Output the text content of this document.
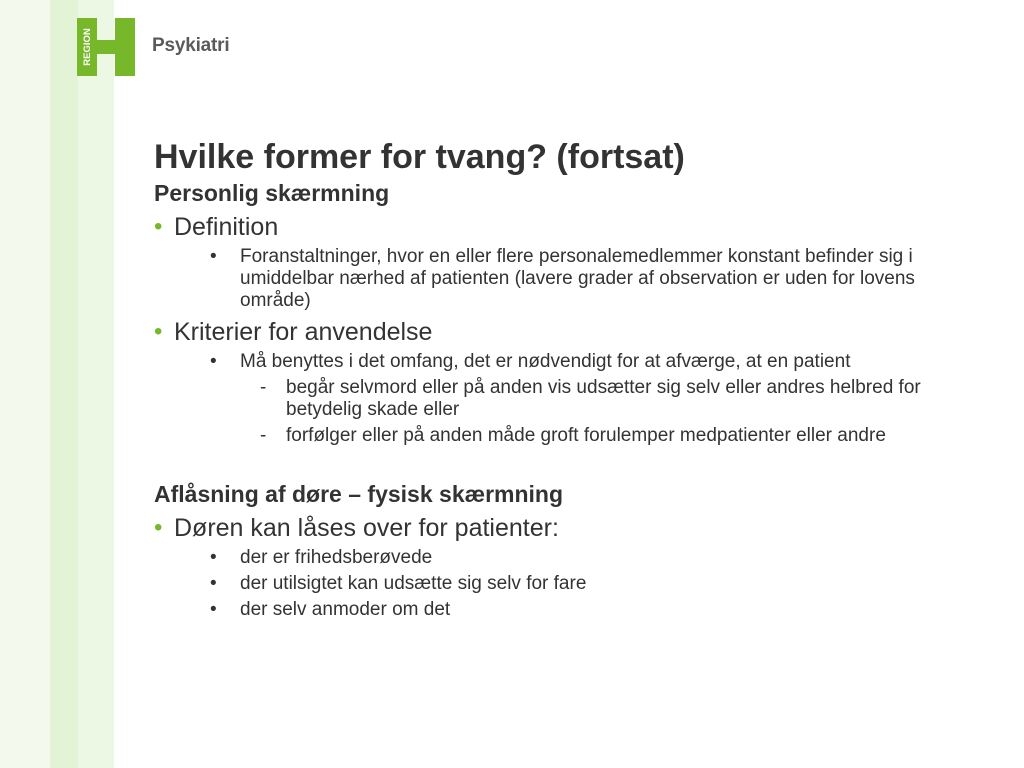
REGION	Psykiatri
Hvilke former for tvang? (fortsat)
Personlig skærmning
• Definition
• Foranstaltninger, hvor en eller flere personalemedlemmer konstant befinder sig i umiddelbar nærhed af patienten (lavere grader af observation er uden for lovens område)
• Kriterier for anvendelse
• Må benyttes i det omfang, det er nødvendigt for at afværge, at en patient
- begår selvmord eller på anden vis udsætter sig selv eller andres helbred for betydelig skade eller
- forfølger eller på anden måde groft forulemper medpatienter eller andre
Aflåsning af døre – fysisk skærmning
• Døren kan låses over for patienter:
• der er frihedsberøvede
• der utilsigtet kan udsætte sig selv for fare
• der selv anmoder om det
